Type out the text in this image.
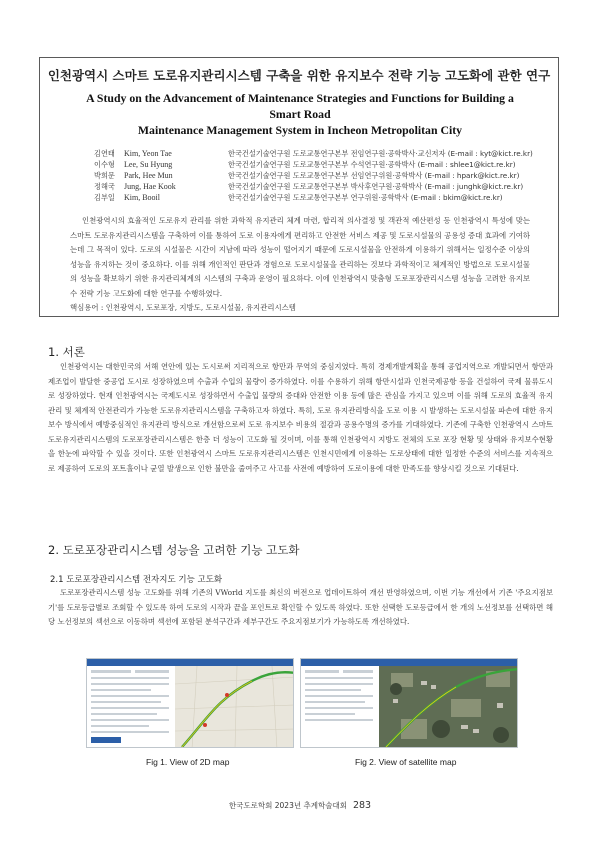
인천광역시 스마트 도로유지관리시스템 구축을 위한 유지보수 전략 기능 고도화에 관한 연구
A Study on the Advancement of Maintenance Strategies and Functions for Building a Smart Road
Maintenance Management System in Incheon Metropolitan City
김연태 Kim, Yeon Tae	한국건설기술연구원 도로교통연구본부 전임연구원·공학박사·교신저자 (E-mail : kyt@kict.re.kr)
이수형 Lee, Su Hyung	한국건설기술연구원 도로교통연구본부 수석연구원·공학박사 (E-mail : shlee1@kict.re.kr)
박희문 Park, Hee Mun	한국건설기술연구원 도로교통연구본부 선임연구위원·공학박사 (E-mail : hpark@kict.re.kr)
정해국 Jung, Hae Kook	한국건설기술연구원 도로교통연구본부 박사후연구원·공학박사 (E-mail : junghk@kict.re.kr)
김부일 Kim, Booil	한국건설기술연구원 도로교통연구본부 연구위원·공학박사 (E-mail : bkim@kict.re.kr)
인천광역시의 효율적인 도로유지 관리를 위한 과학적 유지관리 체계 마련, 합리적 의사결정 및 객관적 예산편성 등 인천광역시 특성에 맞는 스마트 도로유지관리시스템을 구축하여 이를 통하여 도로 이용자에게 편리하고 안전한 서비스 제공 및 도로시설물의 공용성 증대 효과에 기여하는데 그 목적이 있다. 도로의 시설물은 시간이 지남에 따라 성능이 떨어지기 때문에 도로시설물을 안전하게 이용하기 위해서는 일정수준 이상의 성능을 유지하는 것이 중요하다. 이를 위해 개인적인 판단과 경험으로 도로시설물을 관리하는 것보다 과학적이고 체계적인 방법으로 도로시설물의 성능을 확보하기 위한 유지관리체계의 시스템의 구축과 운영이 필요하다. 이에 인천광역시 맞춤형 도로포장관리시스템 성능을 고려한 유지보수 전략 기능 고도화에 대한 연구를 수행하였다.
핵심용어 : 인천광역시, 도로포장, 지방도, 도로시설물, 유지관리시스템
1. 서론
인천광역시는 대한민국의 서해 연안에 있는 도시로써 지리적으로 항만과 무역의 중심지였다. 특히 경제개발계획을 통해 공업지역으로 개발되면서 항만과 제조업이 발달한 중공업 도시로 성장하였으며 수출과 수입의 물량이 증가하였다. 이를 수용하기 위해 항만시설과 인천국제공항 등을 건설하여 국제 물류도시로 성장하였다. 현재 인천광역시는 국제도시로 성장하면서 수출입 물량의 증대와 안전한 이용 등에 많은 관심을 가지고 있으며 이를 위해 도로의 효율적 유지관리 및 체계적 안전관리가 가능한 도로유지관리시스템을 구축하고자 하였다. 특히, 도로 유지관리방식을 도로 이용 시 발생하는 도로시설물 파손에 대한 유지보수 방식에서 예방중심적인 유지관리 방식으로 개선함으로써 도로 유지보수 비용의 절감과 공용수명의 증가를 기대하였다. 기존에 구축한 인천광역시 스마트 도로유지관리시스템의 도로포장관리시스템은 한층 더 성능이 고도화 될 것이며, 이를 통해 인천광역시 지방도 전체의 도로 포장 현황 및 상태와 유지보수현황을 한눈에 파악할 수 있을 것이다. 또한 인천광역시 스마트 도로유지관리시스템은 인천시민에게 이용하는 도로상태에 대한 일정한 수준의 서비스를 지속적으로 제공하여 도로의 포트홀이나 균열 발생으로 인한 불만을 줄여주고 사고를 사전에 예방하여 도로이용에 대한 만족도를 향상시킬 것으로 기대된다.
2. 도로포장관리시스템 성능을 고려한 기능 고도화
2.1 도로포장관리시스템 전자지도 기능 고도화
도로포장관리시스템 성능 고도화를 위해 기존의 VWorld 지도를 최신의 버전으로 업데이트하여 개선 반영하였으며, 이번 기능 개선에서 기존 '주요지점보기'를 도로등급별로 조회할 수 있도록 하여 도로의 시작과 끝을 포인트로 확인할 수 있도록 하였다. 또한 선택한 도로등급에서 한 개의 노선정보를 선택하면 해당 노선정보의 섹션으로 이동하며 섹션에 포함된 분석구간과 세부구간도 주요지점보기가 가능하도록 개선하였다.
Fig 1. View of 2D map	Fig 2. View of satellite map
한국도로학회 2023년 추계학술대회 283
